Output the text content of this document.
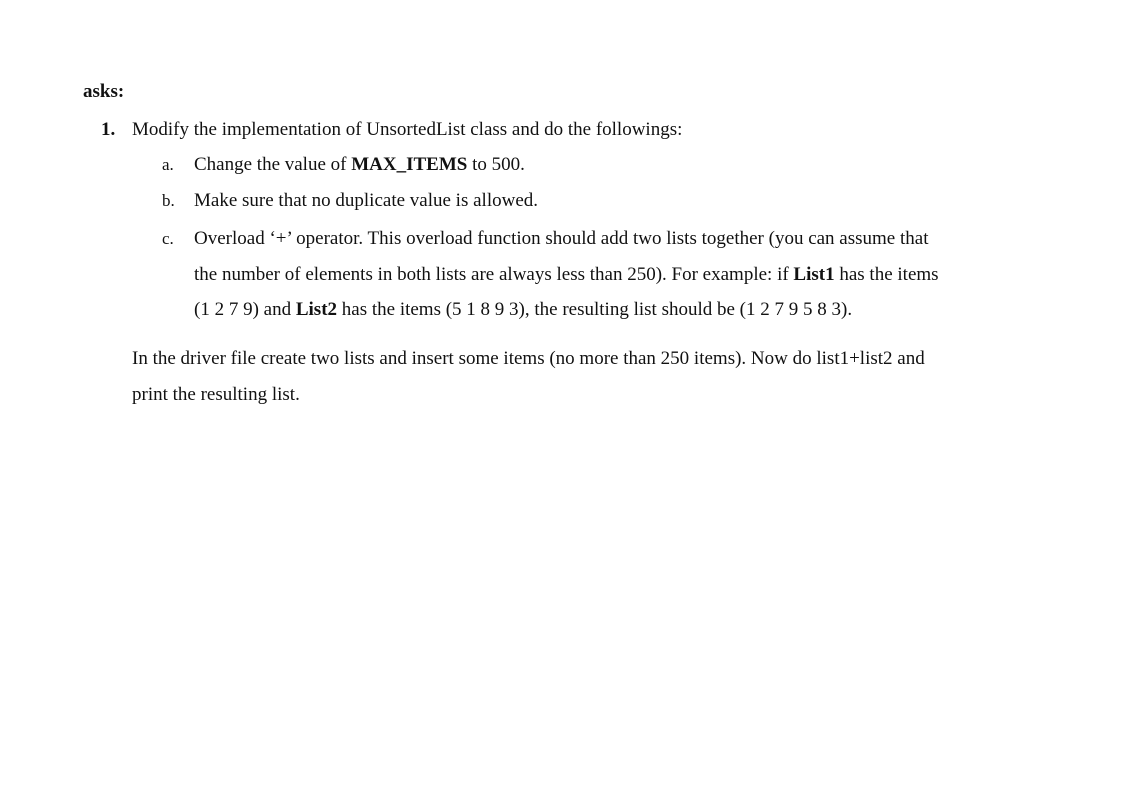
asks:
1. Modify the implementation of UnsortedList class and do the followings:
a. Change the value of MAX_ITEMS to 500.
b. Make sure that no duplicate value is allowed.
c. Overload ‘+’ operator. This overload function should add two lists together (you can assume that
the number of elements in both lists are always less than 250). For example: if List1 has the items
(1 2 7 9) and List2 has the items (5 1 8 9 3), the resulting list should be (1 2 7 9 5 8 3).
In the driver file create two lists and insert some items (no more than 250 items). Now do list1+list2 and
print the resulting list.
